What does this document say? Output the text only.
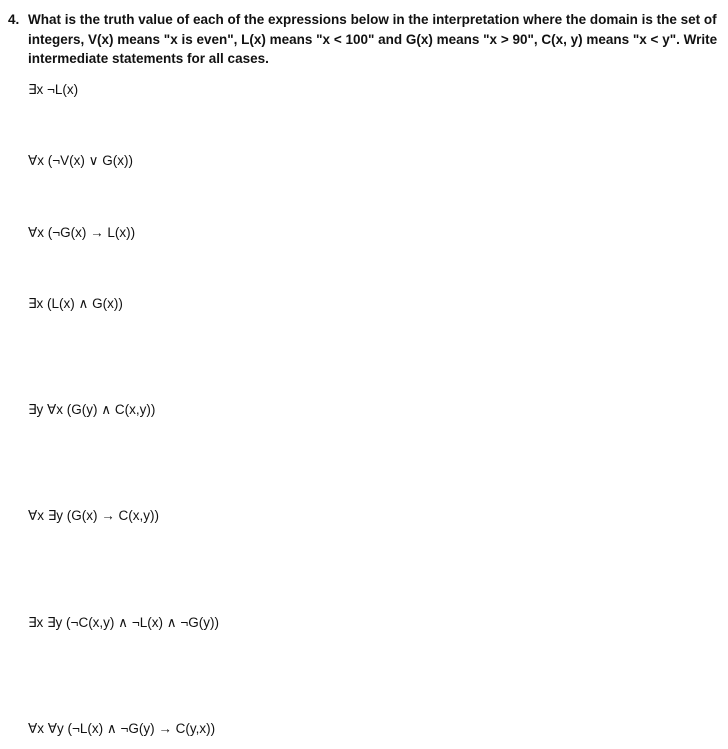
4. What is the truth value of each of the expressions below in the interpretation where the domain is the set of integers, V(x) means "x is even", L(x) means "x < 100" and G(x) means "x > 90", C(x, y) means "x < y". Write intermediate statements for all cases.
∃x ¬L(x)
∀x (¬V(x) ∨ G(x))
∀x (¬G(x) → L(x))
∃x (L(x) ∧ G(x))
∃y ∀x (G(y) ∧ C(x,y))
∀x ∃y (G(x) → C(x,y))
∃x ∃y (¬C(x,y) ∧ ¬L(x) ∧ ¬G(y))
∀x ∀y (¬L(x) ∧ ¬G(y) → C(y,x))
